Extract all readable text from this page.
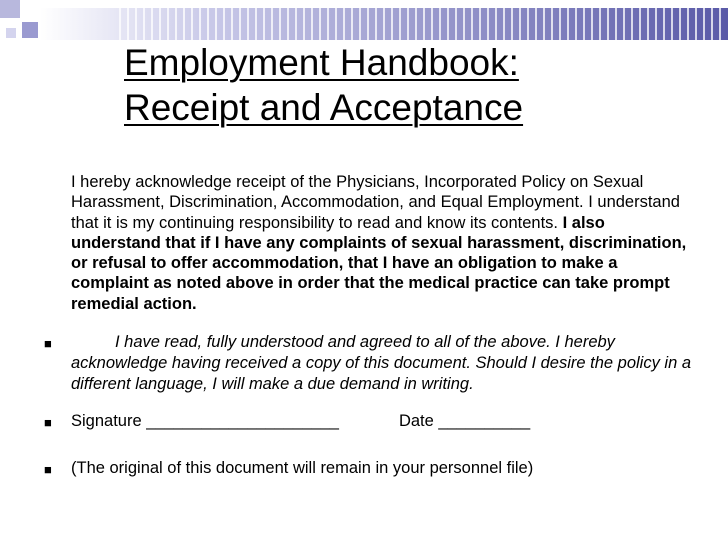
Employment Handbook:
Receipt and Acceptance

I hereby acknowledge receipt of the Physicians, Incorporated Policy on Sexual Harassment, Discrimination, Accommodation, and Equal Employment. I understand that it is my continuing responsibility to read and know its contents. I also understand that if I have any complaints of sexual harassment, discrimination, or refusal to offer accommodation, that I have an obligation to make a complaint as noted above in order that the medical practice can take prompt remedial action.

■	I have read, fully understood and agreed to all of the above. I hereby acknowledge having received a copy of this document. Should I desire the policy in a different language, I will make a due demand in writing.

■ Signature _____________________	Date __________

■ (The original of this document will remain in your personnel file)
